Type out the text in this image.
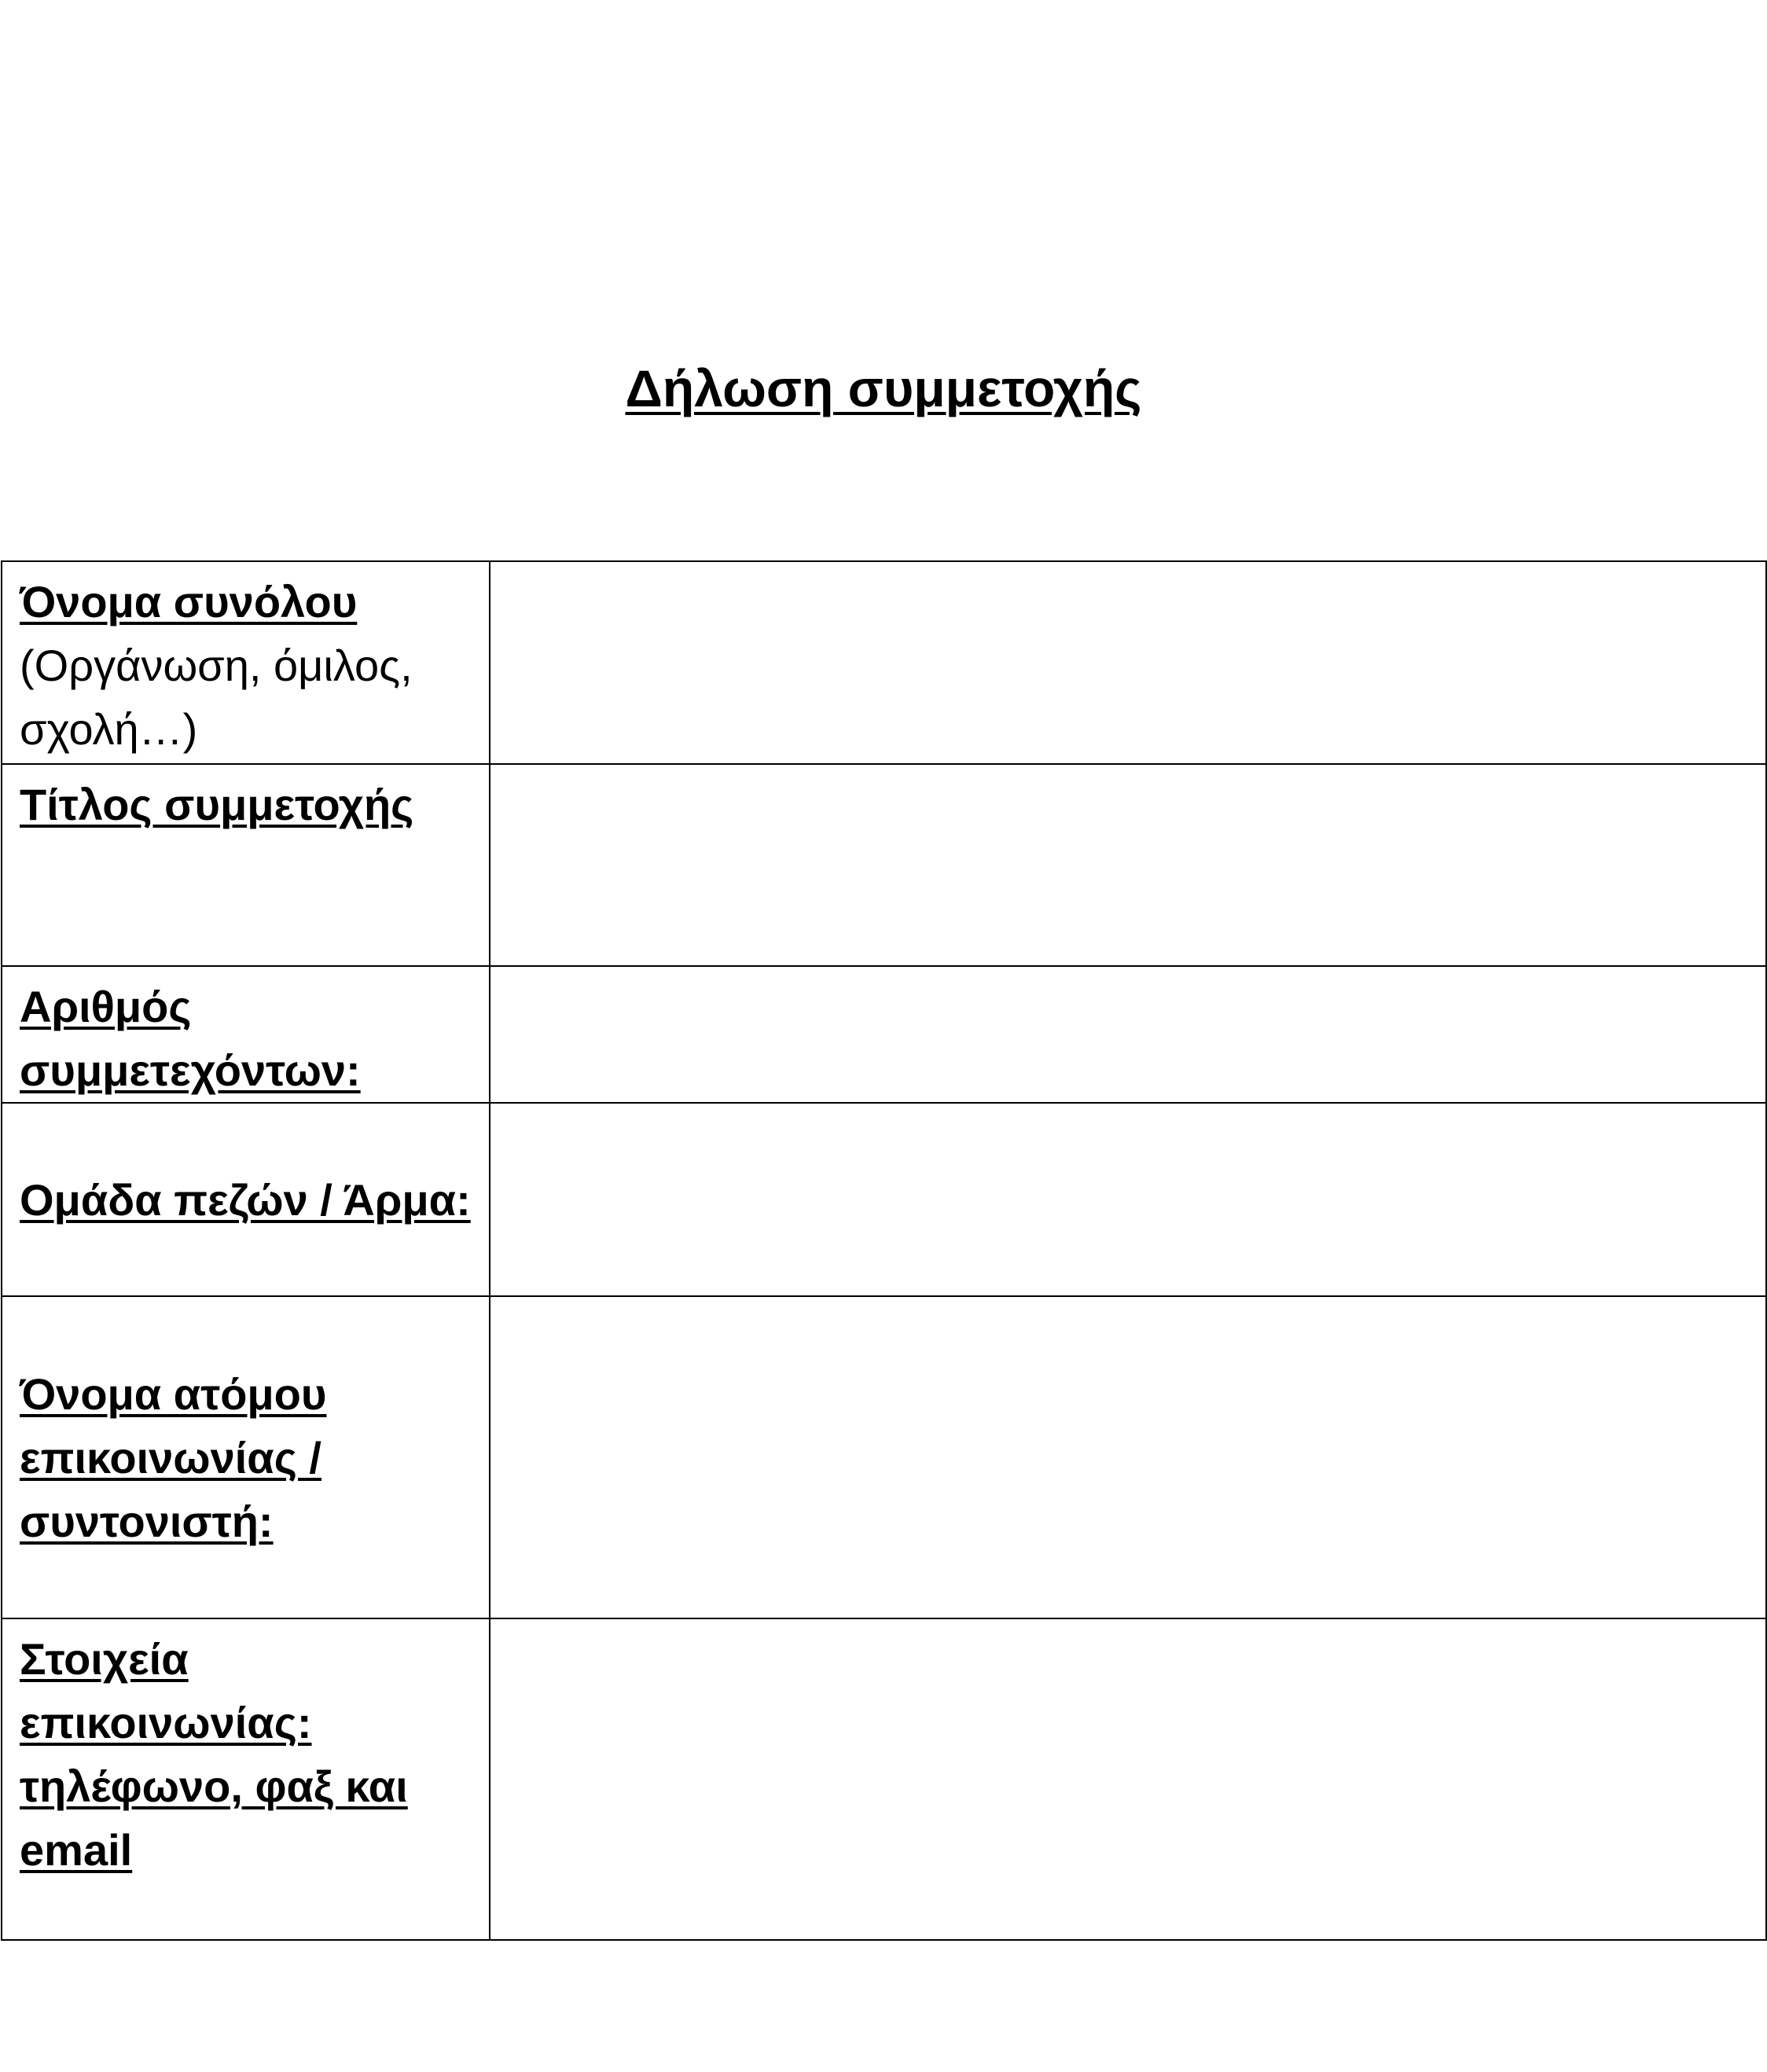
Δήλωση συμμετοχής
Όνομα συνόλου
(Οργάνωση, όμιλος, σχολή…)	

Τίτλος συμμετοχής	
Αριθμός συμμετεχόντων:	
Ομάδα πεζών / Άρμα:	
Όνομα ατόμου επικοινωνίας / συντονιστή:	
Στοιχεία επικοινωνίας: τηλέφωνο, φαξ και email	
